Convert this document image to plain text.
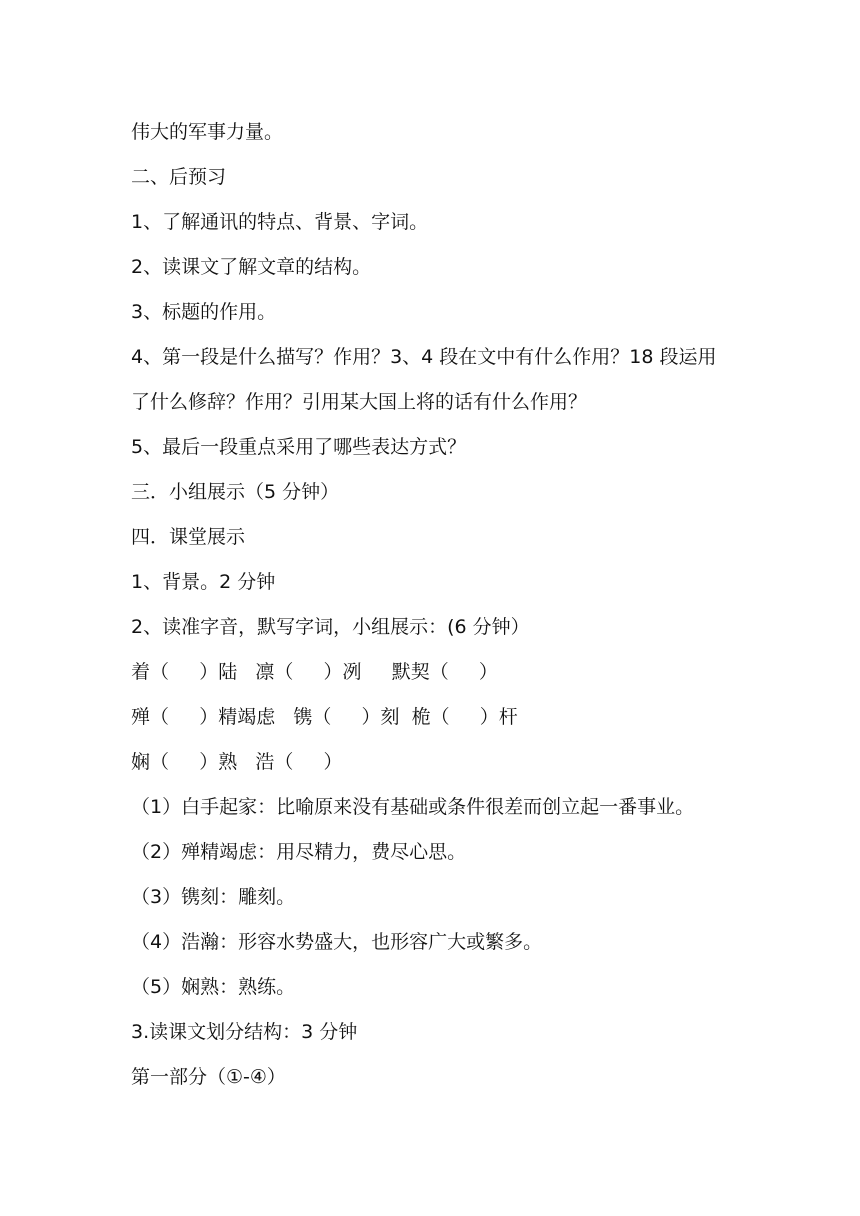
伟大的军事力量。
二、后预习
1、了解通讯的特点、背景、字词。
2、读课文了解文章的结构。
3、标题的作用。
4、第一段是什么描写？作用？3、4 段在文中有什么作用？18 段运用
了什么修辞？作用？引用某大国上将的话有什么作用？
5、最后一段重点采用了哪些表达方式？
三．小组展示（5 分钟）
四．课堂展示
1、背景。2 分钟
2、读准字音，默写字词，小组展示：(6 分钟）
着（     ）陆   凛（     ）冽     默契（     ）
殚（     ）精竭虑   镌（     ）刻  桅（     ）杆
娴（     ）熟   浩（     ）
（1）白手起家：比喻原来没有基础或条件很差而创立起一番事业。
（2）殚精竭虑：用尽精力，费尽心思。
（3）镌刻：雕刻。
（4）浩瀚：形容水势盛大，也形容广大或繁多。
（5）娴熟：熟练。
3.读课文划分结构：3 分钟
第一部分（①-④）
